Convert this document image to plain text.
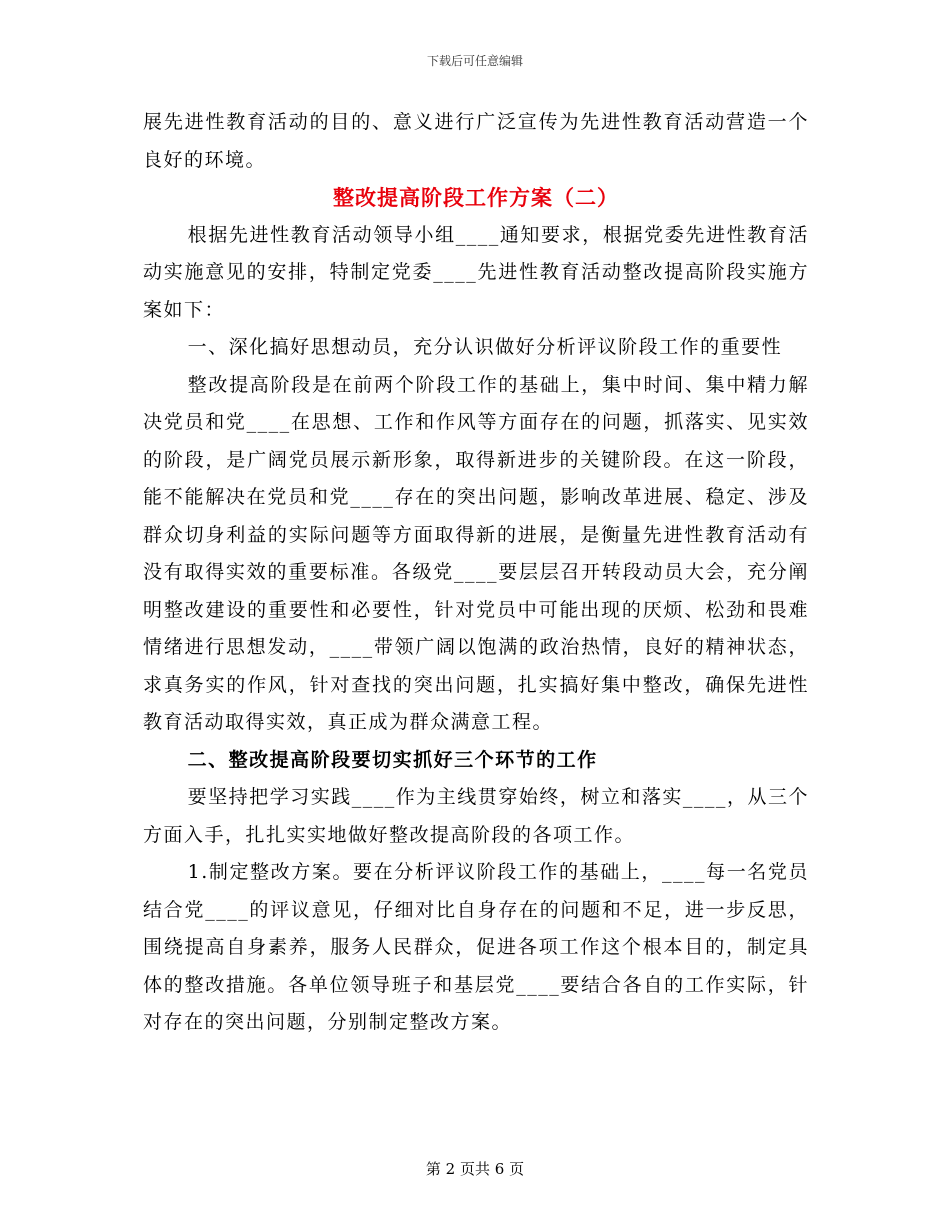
下载后可任意编辑

展先进性教育活动的目的、意义进行广泛宣传为先进性教育活动营造一个良好的环境。

整改提高阶段工作方案（二）

根据先进性教育活动领导小组____通知要求，根据党委先进性教育活动实施意见的安排，特制定党委____先进性教育活动整改提高阶段实施方案如下：

一、深化搞好思想动员，充分认识做好分析评议阶段工作的重要性

整改提高阶段是在前两个阶段工作的基础上，集中时间、集中精力解决党员和党____在思想、工作和作风等方面存在的问题，抓落实、见实效的阶段，是广阔党员展示新形象，取得新进步的关键阶段。在这一阶段，能不能解决在党员和党____存在的突出问题，影响改革进展、稳定、涉及群众切身利益的实际问题等方面取得新的进展，是衡量先进性教育活动有没有取得实效的重要标准。各级党____要层层召开转段动员大会，充分阐明整改建设的重要性和必要性，针对党员中可能出现的厌烦、松劲和畏难情绪进行思想发动，____带领广阔以饱满的政治热情，良好的精神状态，求真务实的作风，针对查找的突出问题，扎实搞好集中整改，确保先进性教育活动取得实效，真正成为群众满意工程。

二、整改提高阶段要切实抓好三个环节的工作

要坚持把学习实践____作为主线贯穿始终，树立和落实____，从三个方面入手，扎扎实实地做好整改提高阶段的各项工作。

1.制定整改方案。要在分析评议阶段工作的基础上，____每一名党员结合党____的评议意见，仔细对比自身存在的问题和不足，进一步反思，围绕提高自身素养，服务人民群众，促进各项工作这个根本目的，制定具体的整改措施。各单位领导班子和基层党____要结合各自的工作实际，针对存在的突出问题，分别制定整改方案。

第 2 页共 6 页
